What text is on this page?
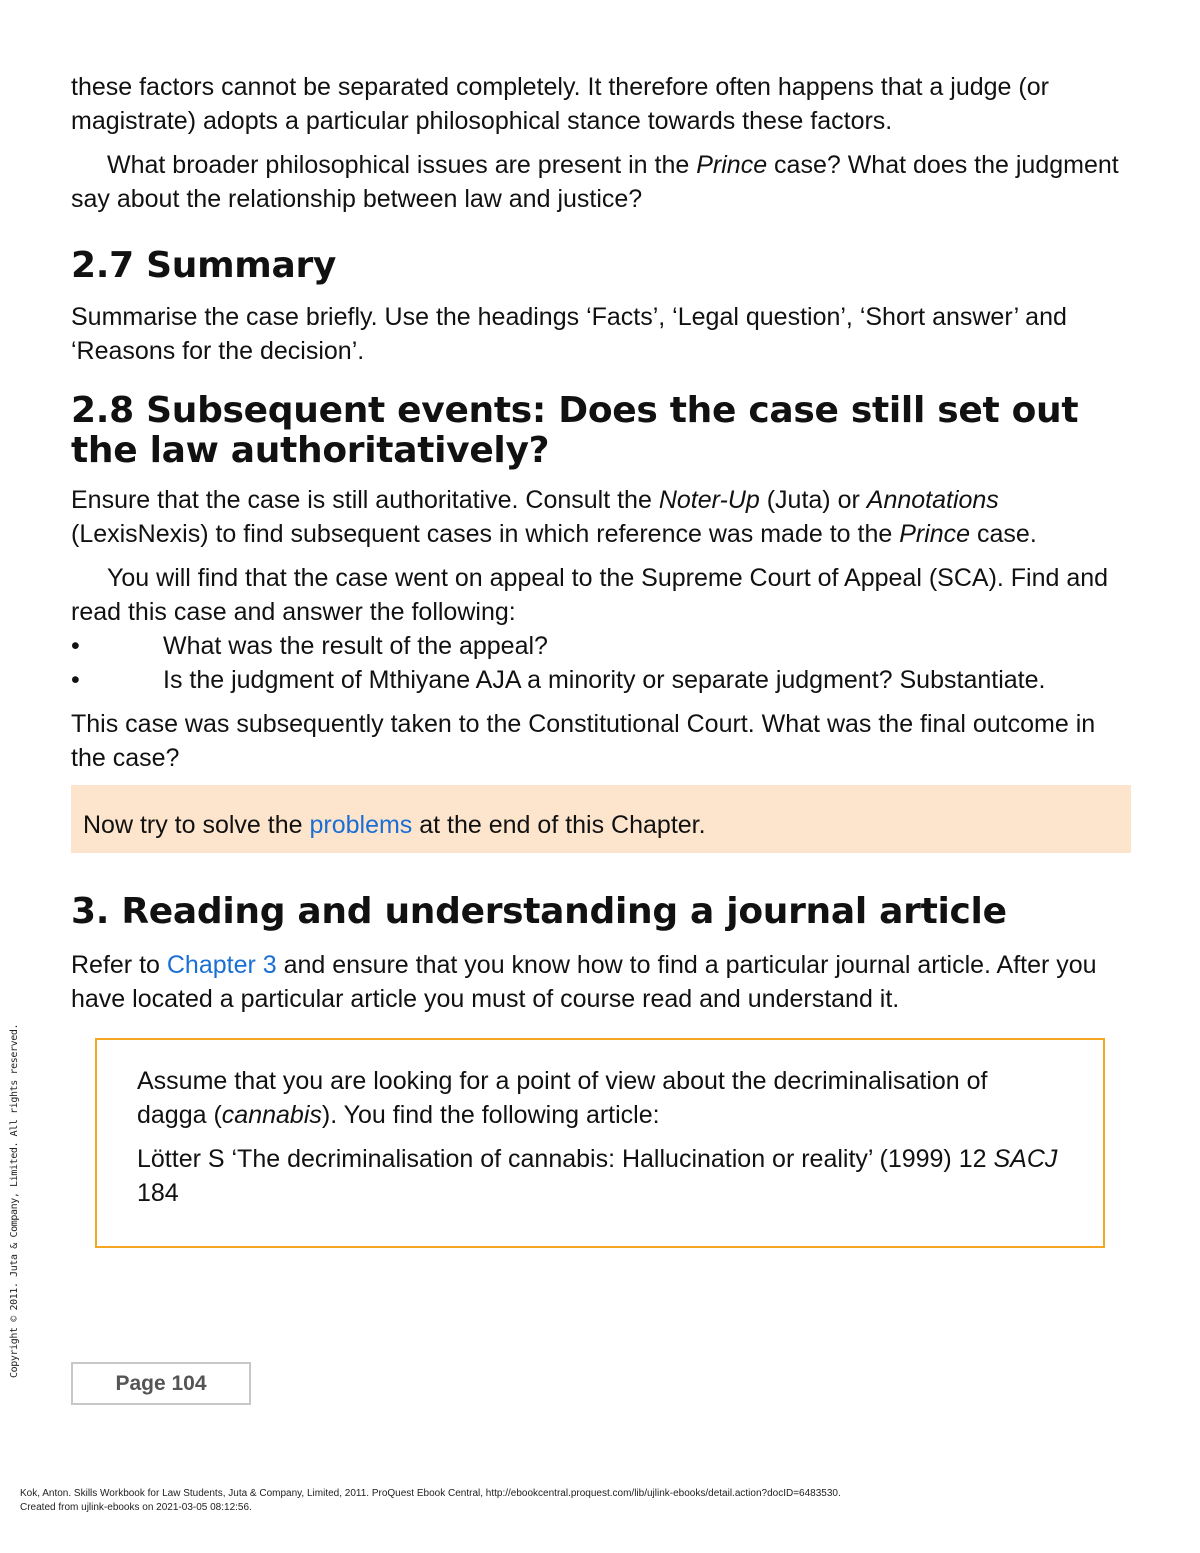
these factors cannot be separated completely. It therefore often happens that a judge (or magistrate) adopts a particular philosophical stance towards these factors.

What broader philosophical issues are present in the Prince case? What does the judgment say about the relationship between law and justice?

2.7 Summary

Summarise the case briefly. Use the headings ‘Facts’, ‘Legal question’, ‘Short answer’ and ‘Reasons for the decision’.

2.8 Subsequent events: Does the case still set out the law authoritatively?

Ensure that the case is still authoritative. Consult the Noter-Up (Juta) or Annotations (LexisNexis) to find subsequent cases in which reference was made to the Prince case.

You will find that the case went on appeal to the Supreme Court of Appeal (SCA). Find and read this case and answer the following:

•	What was the result of the appeal?
•	Is the judgment of Mthiyane AJA a minority or separate judgment? Substantiate.

This case was subsequently taken to the Constitutional Court. What was the final outcome in the case?

Now try to solve the problems at the end of this Chapter.
3. Reading and understanding a journal article

Refer to Chapter 3 and ensure that you know how to find a particular journal article. After you have located a particular article you must of course read and understand it.

Assume that you are looking for a point of view about the decriminalisation of dagga (cannabis). You find the following article:

Lötter S ‘The decriminalisation of cannabis: Hallucination or reality’ (1999) 12 SACJ 184

Page 104
Copyright © 2011. Juta & Company, Limited. All rights reserved.
Kok, Anton. Skills Workbook for Law Students, Juta & Company, Limited, 2011. ProQuest Ebook Central, http://ebookcentral.proquest.com/lib/ujlink-ebooks/detail.action?docID=6483530.
Created from ujlink-ebooks on 2021-03-05 08:12:56.
